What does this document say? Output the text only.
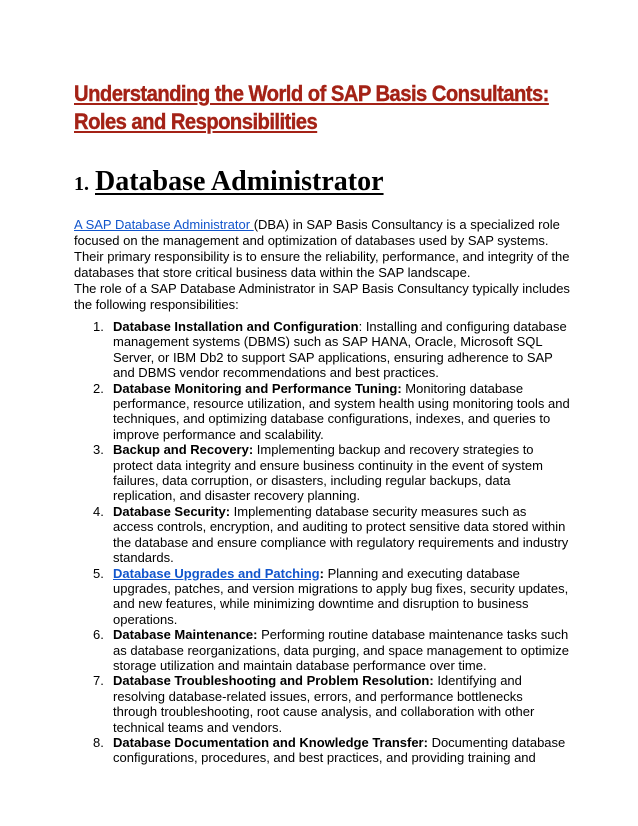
Understanding the World of SAP Basis Consultants: Roles and Responsibilities
1. Database Administrator

A SAP Database Administrator (DBA) in SAP Basis Consultancy is a specialized role focused on the management and optimization of databases used by SAP systems. Their primary responsibility is to ensure the reliability, performance, and integrity of the databases that store critical business data within the SAP landscape.
The role of a SAP Database Administrator in SAP Basis Consultancy typically includes the following responsibilities:

1. Database Installation and Configuration: Installing and configuring database management systems (DBMS) such as SAP HANA, Oracle, Microsoft SQL Server, or IBM Db2 to support SAP applications, ensuring adherence to SAP and DBMS vendor recommendations and best practices.
2. Database Monitoring and Performance Tuning: Monitoring database performance, resource utilization, and system health using monitoring tools and techniques, and optimizing database configurations, indexes, and queries to improve performance and scalability.
3. Backup and Recovery: Implementing backup and recovery strategies to protect data integrity and ensure business continuity in the event of system failures, data corruption, or disasters, including regular backups, data replication, and disaster recovery planning.
4. Database Security: Implementing database security measures such as access controls, encryption, and auditing to protect sensitive data stored within the database and ensure compliance with regulatory requirements and industry standards.
5. Database Upgrades and Patching: Planning and executing database upgrades, patches, and version migrations to apply bug fixes, security updates, and new features, while minimizing downtime and disruption to business operations.
6. Database Maintenance: Performing routine database maintenance tasks such as database reorganizations, data purging, and space management to optimize storage utilization and maintain database performance over time.
7. Database Troubleshooting and Problem Resolution: Identifying and resolving database-related issues, errors, and performance bottlenecks through troubleshooting, root cause analysis, and collaboration with other technical teams and vendors.
8. Database Documentation and Knowledge Transfer: Documenting database configurations, procedures, and best practices, and providing training and
